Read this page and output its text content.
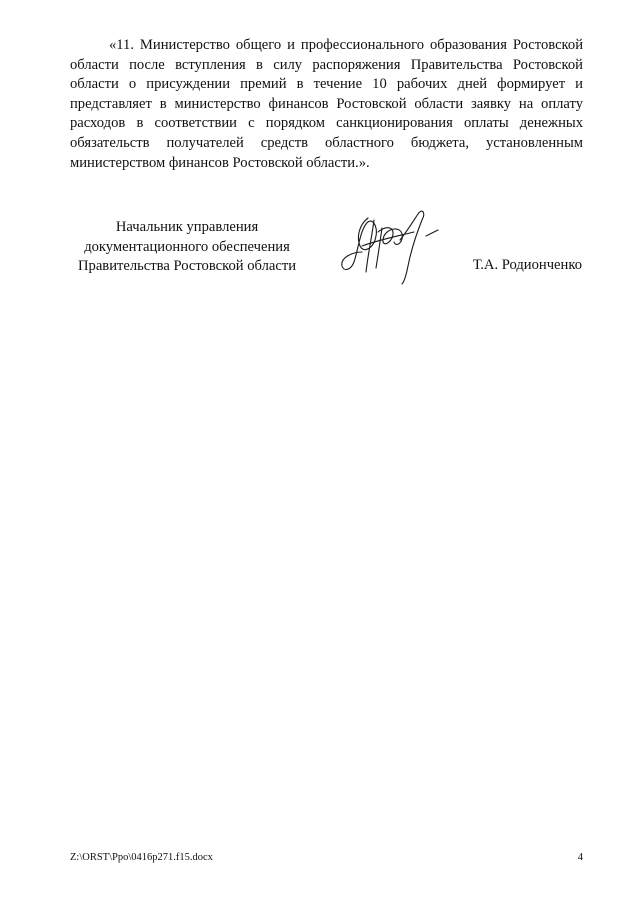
«11. Министерство общего и профессионального образования Ростовской области после вступления в силу распоряжения Правительства Ростовской области о присуждении премий в течение 10 рабочих дней формирует и представляет в министерство финансов Ростовской области заявку на оплату расходов в соответствии с порядком санкционирования оплаты денежных обязательств получателей средств областного бюджета, установленным министерством финансов Ростовской области.».

Начальник управления
документационного обеспечения
Правительства Ростовской области	Т.А. Родионченко
Z:\ORST\Ppo\0416p271.f15.docx	4
